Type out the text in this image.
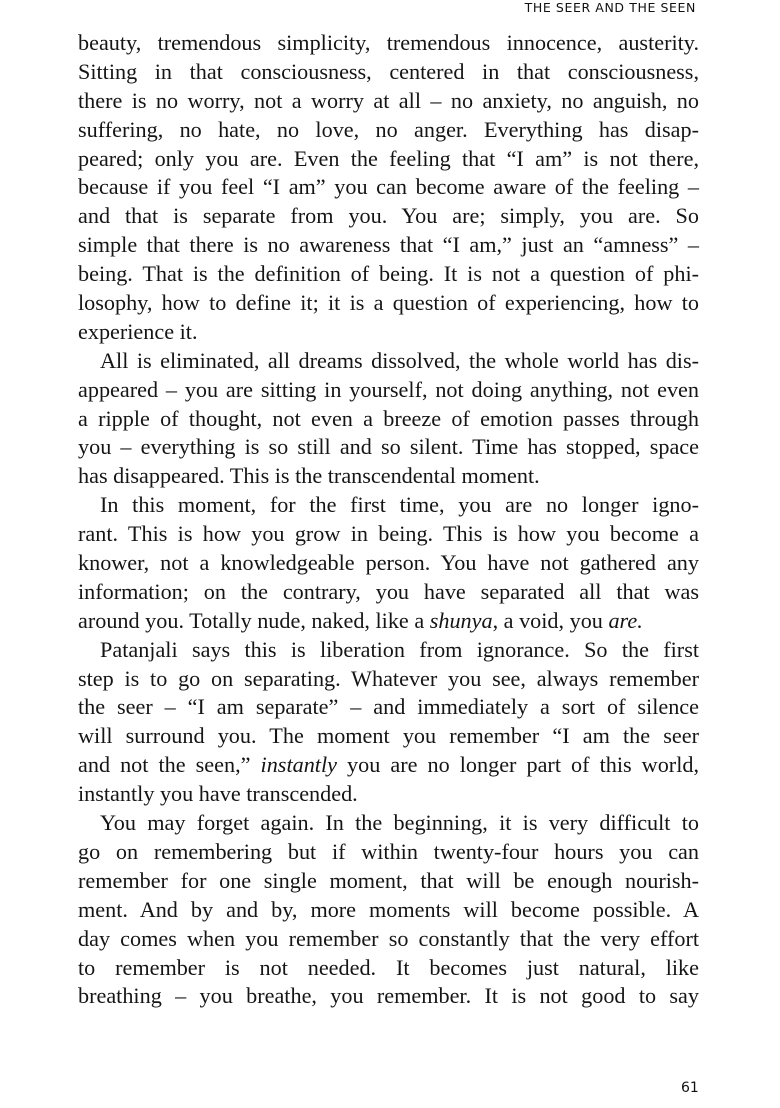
THE SEER AND THE SEEN
beauty, tremendous simplicity, tremendous innocence, austerity.
Sitting in that consciousness, centered in that consciousness,
there is no worry, not a worry at all – no anxiety, no anguish, no
suffering, no hate, no love, no anger. Everything has disap-
peared; only you are. Even the feeling that “I am” is not there,
because if you feel “I am” you can become aware of the feeling –
and that is separate from you. You are; simply, you are. So
simple that there is no awareness that “I am,” just an “amness” –
being. That is the definition of being. It is not a question of phi-
losophy, how to define it; it is a question of experiencing, how to
experience it.
All is eliminated, all dreams dissolved, the whole world has dis-
appeared – you are sitting in yourself, not doing anything, not even
a ripple of thought, not even a breeze of emotion passes through
you – everything is so still and so silent. Time has stopped, space
has disappeared. This is the transcendental moment.
In this moment, for the first time, you are no longer igno-
rant. This is how you grow in being. This is how you become a
knower, not a knowledgeable person. You have not gathered any
information; on the contrary, you have separated all that was
around you. Totally nude, naked, like a shunya, a void, you are.
Patanjali says this is liberation from ignorance. So the first
step is to go on separating. Whatever you see, always remember
the seer – “I am separate” – and immediately a sort of silence
will surround you. The moment you remember “I am the seer
and not the seen,” instantly you are no longer part of this world,
instantly you have transcended.
You may forget again. In the beginning, it is very difficult to
go on remembering but if within twenty-four hours you can
remember for one single moment, that will be enough nourish-
ment. And by and by, more moments will become possible. A
day comes when you remember so constantly that the very effort
to remember is not needed. It becomes just natural, like
breathing – you breathe, you remember. It is not good to say
61
